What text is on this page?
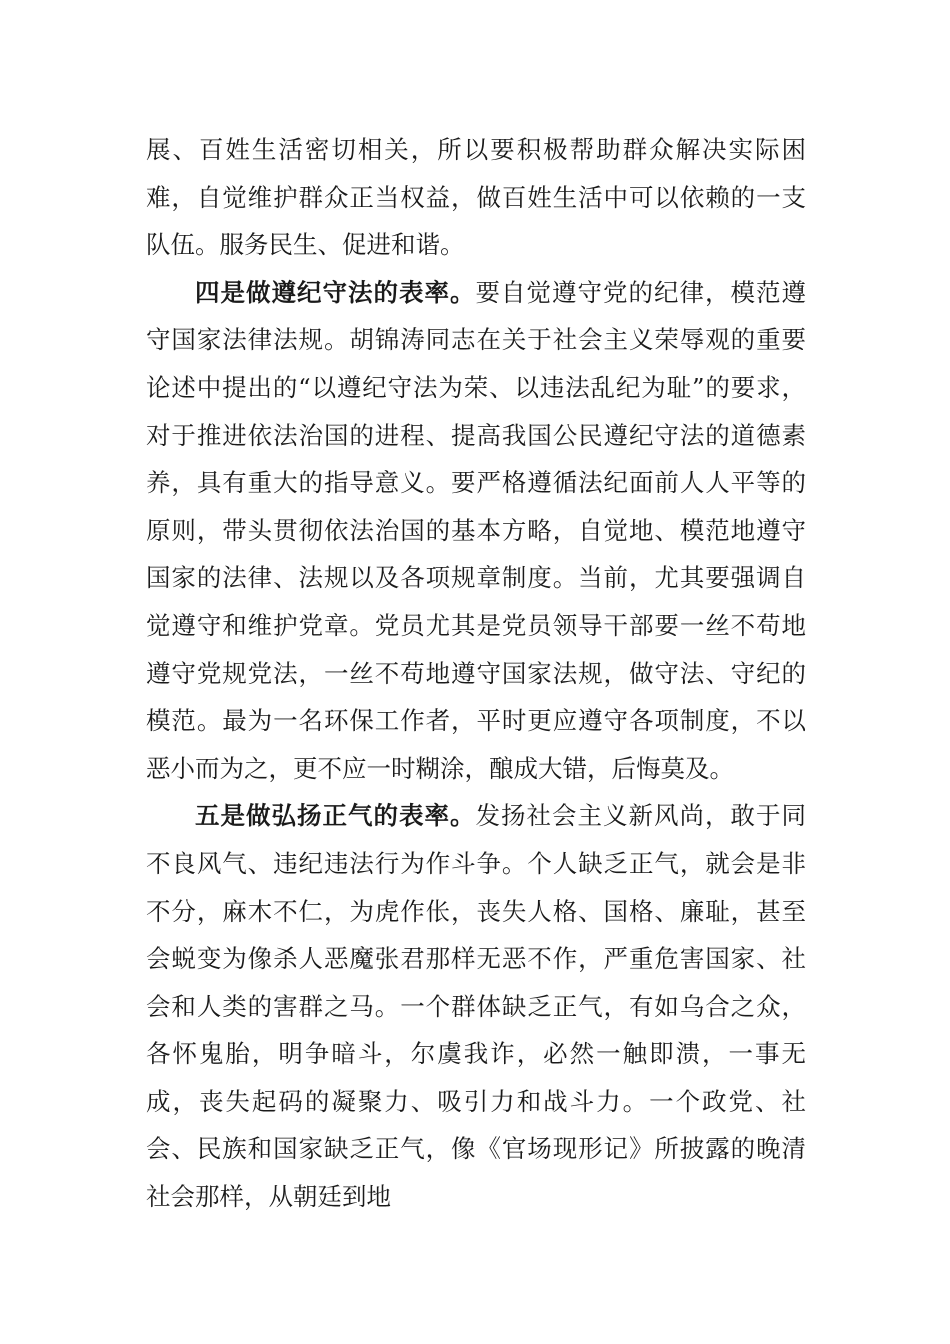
展、百姓生活密切相关，所以要积极帮助群众解决实际困难，自觉维护群众正当权益，做百姓生活中可以依赖的一支队伍。服务民生、促进和谐。

四是做遵纪守法的表率。要自觉遵守党的纪律，模范遵守国家法律法规。胡锦涛同志在关于社会主义荣辱观的重要论述中提出的“以遵纪守法为荣、以违法乱纪为耻”的要求，对于推进依法治国的进程、提高我国公民遵纪守法的道德素养，具有重大的指导意义。要严格遵循法纪面前人人平等的原则，带头贯彻依法治国的基本方略，自觉地、模范地遵守国家的法律、法规以及各项规章制度。当前，尤其要强调自觉遵守和维护党章。党员尤其是党员领导干部要一丝不苟地遵守党规党法，一丝不苟地遵守国家法规，做守法、守纪的模范。最为一名环保工作者，平时更应遵守各项制度，不以恶小而为之，更不应一时糊涂，酿成大错，后悔莫及。

五是做弘扬正气的表率。发扬社会主义新风尚，敢于同不良风气、违纪违法行为作斗争。个人缺乏正气，就会是非不分，麻木不仁，为虎作伥，丧失人格、国格、廉耻，甚至会蜕变为像杀人恶魔张君那样无恶不作，严重危害国家、社会和人类的害群之马。一个群体缺乏正气，有如乌合之众，各怀鬼胎，明争暗斗，尔虞我诈，必然一触即溃，一事无成，丧失起码的凝聚力、吸引力和战斗力。一个政党、社会、民族和国家缺乏正气，像《官场现形记》所披露的晚清社会那样，从朝廷到地
